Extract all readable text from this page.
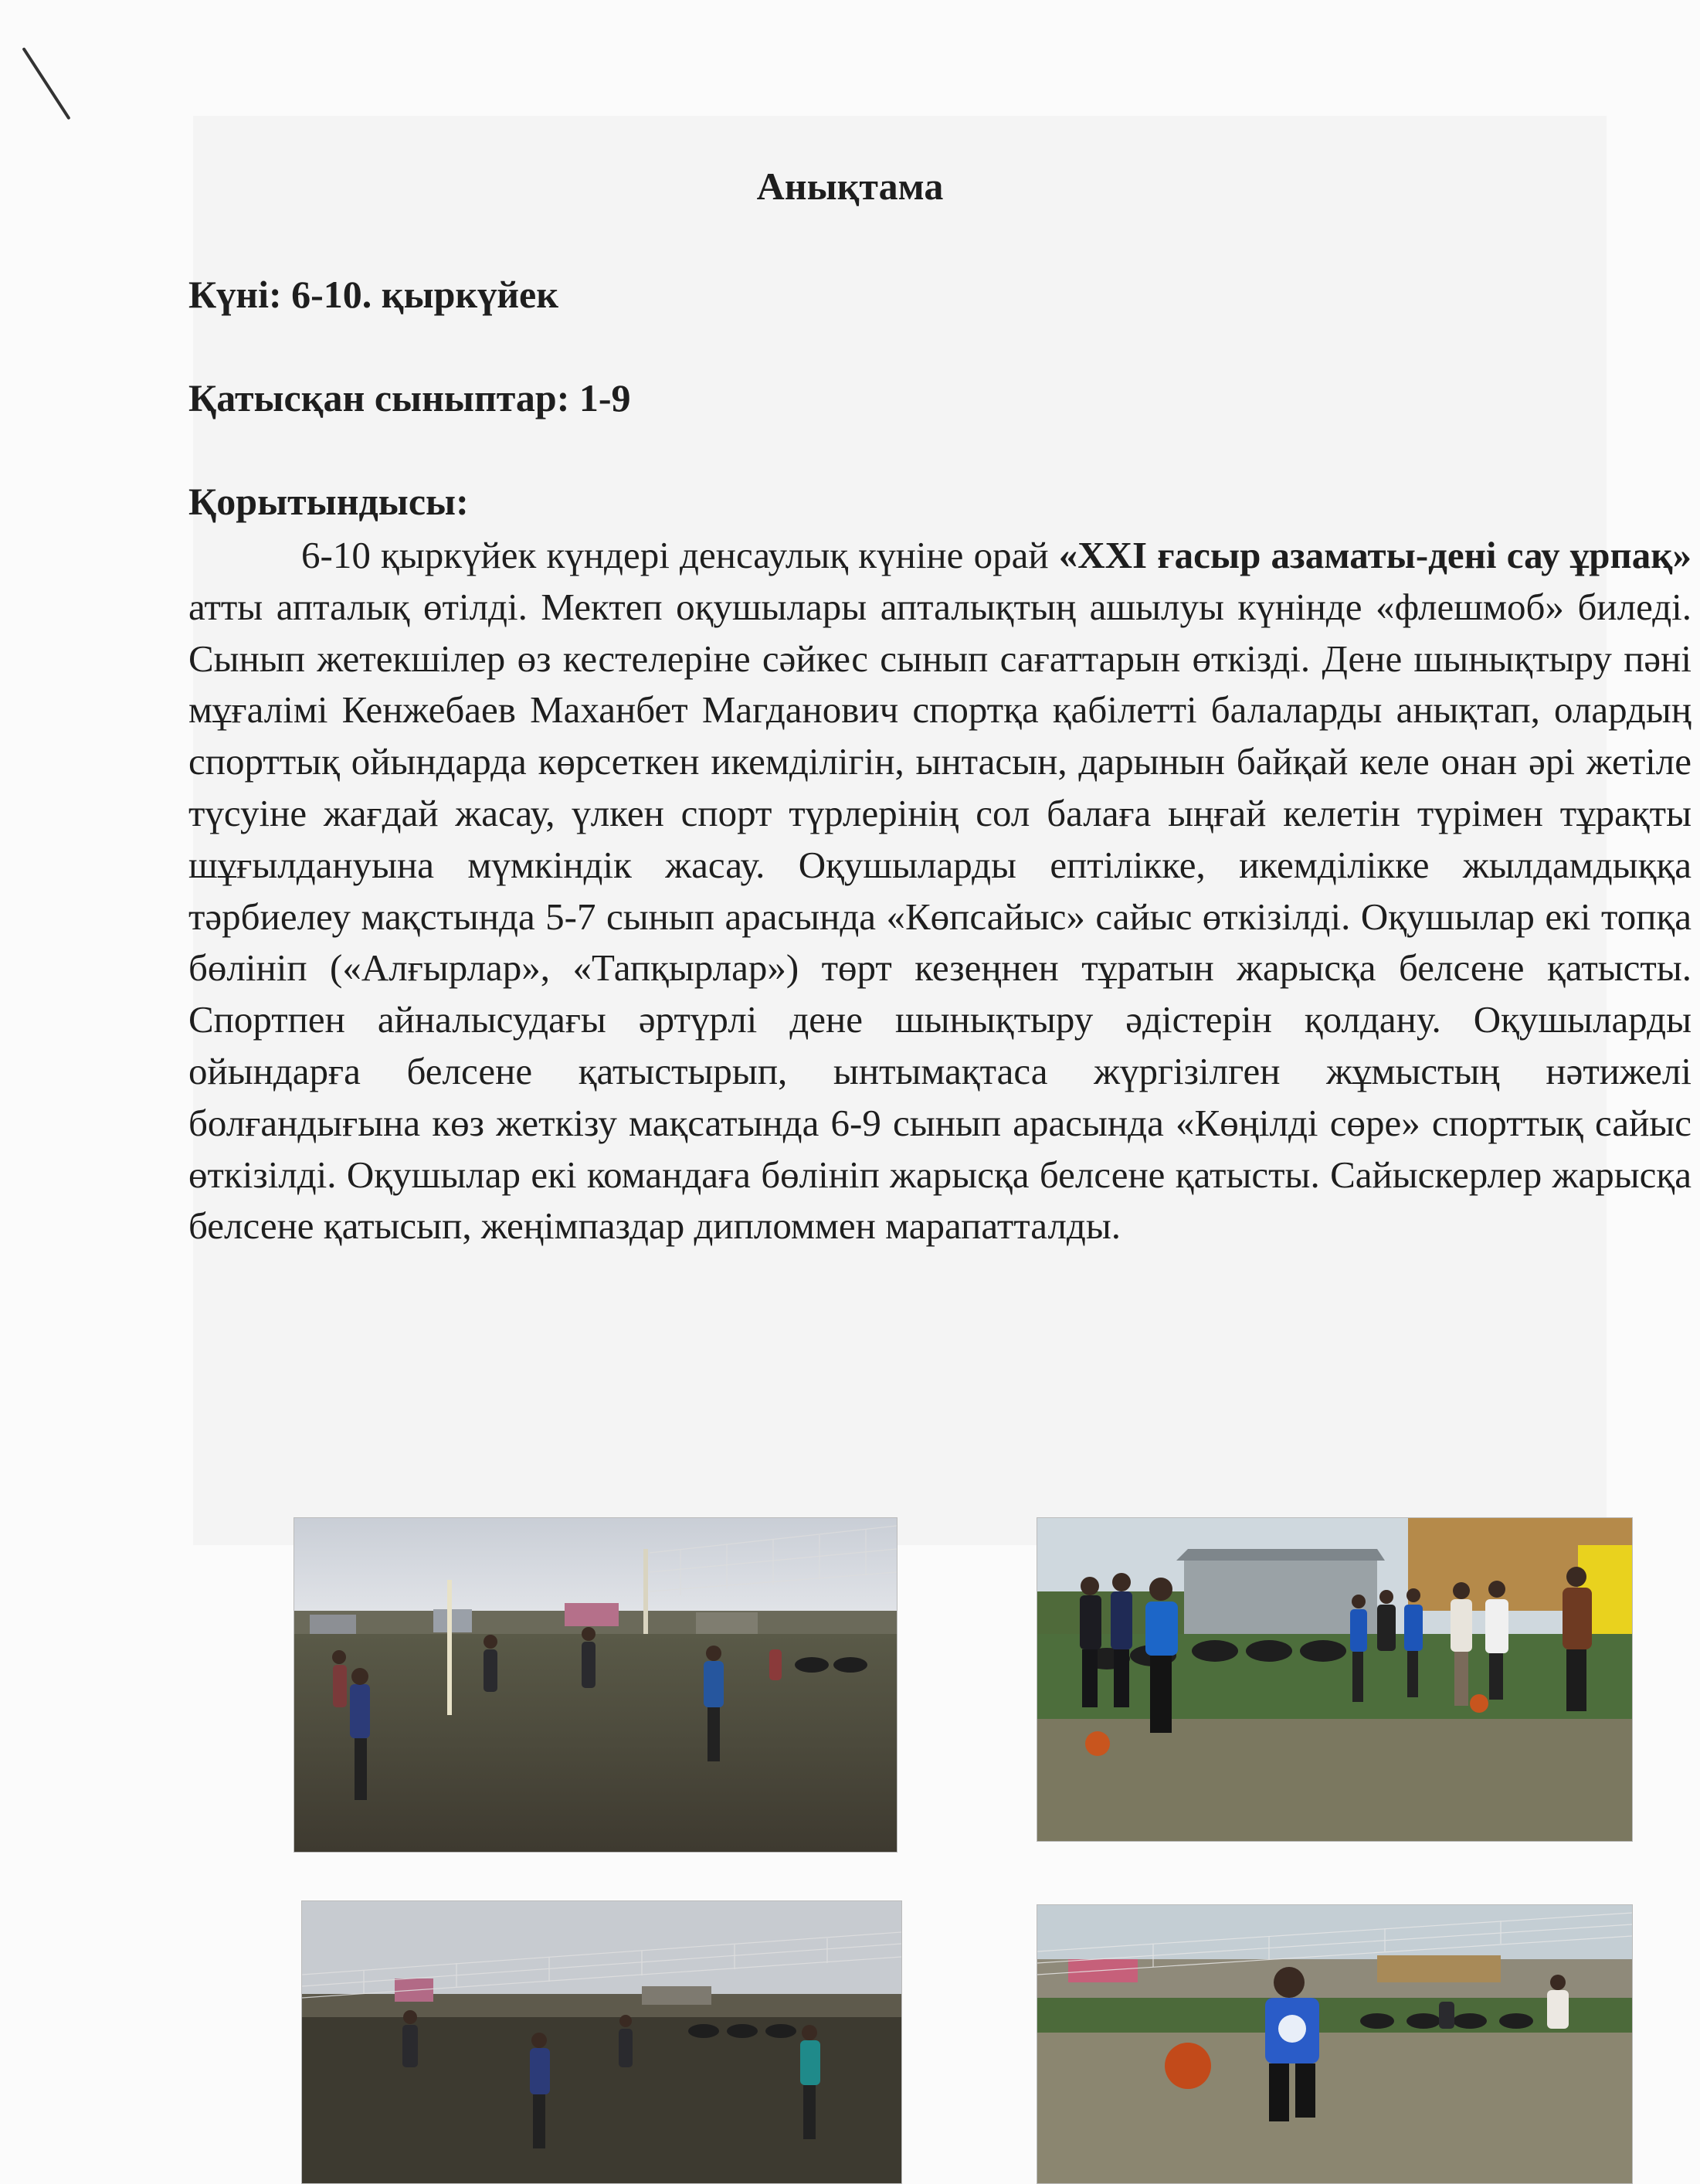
Анықтама

Күні: 6-10. қыркүйек

Қатысқан сыныптар: 1-9

Қорытындысы:

6-10 қыркүйек күндері денсаулық күніне орай «XXI ғасыр азаматы-дені сау ұрпақ» атты апталық өтілді. Мектеп оқушылары апталықтың ашылуы күнінде «флешмоб» биледі. Сынып жетекшілер өз кестелеріне сәйкес сынып сағаттарын өткізді. Дене шынықтыру пәні мұғалімі Кенжебаев Маханбет Магданович спортқа қабілетті балаларды анықтап, олардың спорттық ойындарда көрсеткен икемділігін, ынтасын, дарынын байқай келе онан әрі жетіле түсуіне жағдай жасау, үлкен спорт түрлерінің сол балаға ыңғай келетін түрімен тұрақты шұғылдануына мүмкіндік жасау. Оқушыларды ептілікке, икемділікке жылдамдыққа тәрбиелеу мақстында 5-7 сынып арасында «Көпсайыс» сайыс өткізілді. Оқушылар екі топқа бөлініп («Алғырлар», «Тапқырлар») төрт кезеңнен тұратын жарысқа белсене қатысты. Спортпен айналысудағы әртүрлі дене шынықтыру әдістерін қолдану. Оқушыларды ойындарға белсене қатыстырып, ынтымақтаса жүргізілген жұмыстың нәтижелі болғандығына көз жеткізу мақсатында 6-9 сынып арасында «Көңілді сөре» спорттық сайыс өткізілді. Оқушылар екі командаға бөлініп жарысқа белсене қатысты. Сайыскерлер жарысқа белсене қатысып, жеңімпаздар дипломмен марапатталды.
